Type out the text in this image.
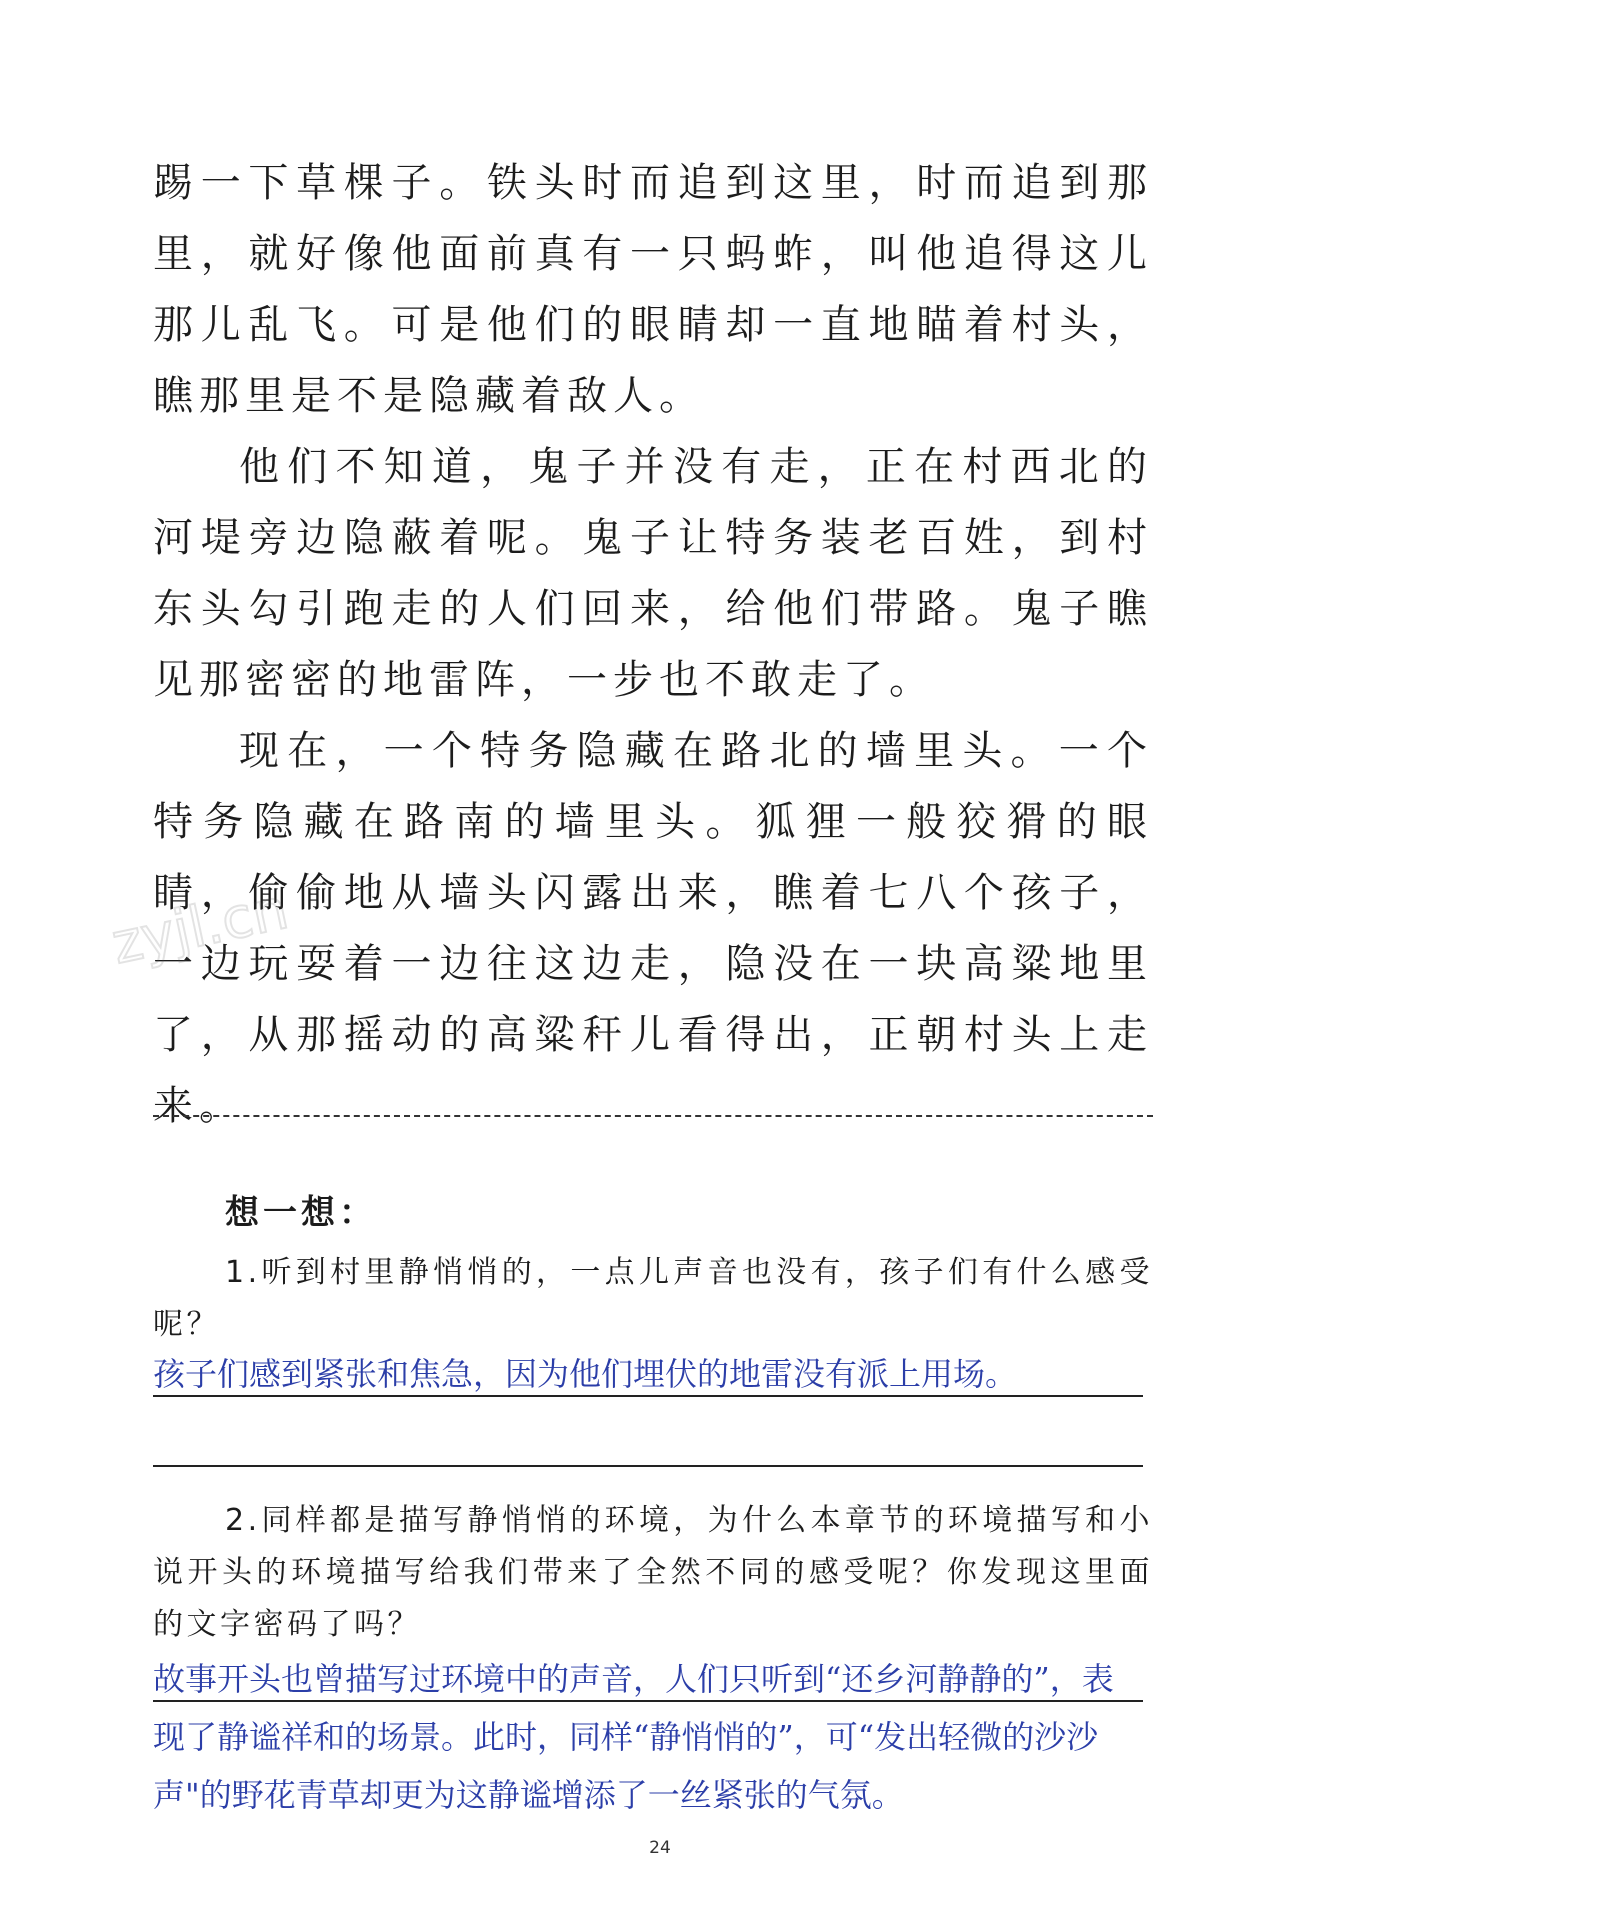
踢一下草棵子。铁头时而追到这里，时而追到那里，就好像他面前真有一只蚂蚱，叫他追得这儿那儿乱飞。可是他们的眼睛却一直地瞄着村头，瞧那里是不是隐藏着敌人。

他们不知道，鬼子并没有走，正在村西北的河堤旁边隐蔽着呢。鬼子让特务装老百姓，到村东头勾引跑走的人们回来，给他们带路。鬼子瞧见那密密的地雷阵，一步也不敢走了。

现在，一个特务隐藏在路北的墙里头。一个特务隐藏在路南的墙里头。狐狸一般狡猾的眼睛，偷偷地从墙头闪露出来，瞧着七八个孩子，一边玩耍着一边往这边走，隐没在一块高粱地里了，从那摇动的高粱秆儿看得出，正朝村头上走来。

zyjl.cn
想一想：
1.听到村里静悄悄的，一点儿声音也没有，孩子们有什么感受呢？
孩子们感到紧张和焦急，因为他们埋伏的地雷没有派上用场。
2.同样都是描写静悄悄的环境，为什么本章节的环境描写和小说开头的环境描写给我们带来了全然不同的感受呢？你发现这里面的文字密码了吗？
故事开头也曾描写过环境中的声音，人们只听到“还乡河静静的”，表现了静谧祥和的场景。此时，同样“静悄悄的”，可“发出轻微的沙沙声"的野花青草却更为这静谧增添了一丝紧张的气氛。
24
